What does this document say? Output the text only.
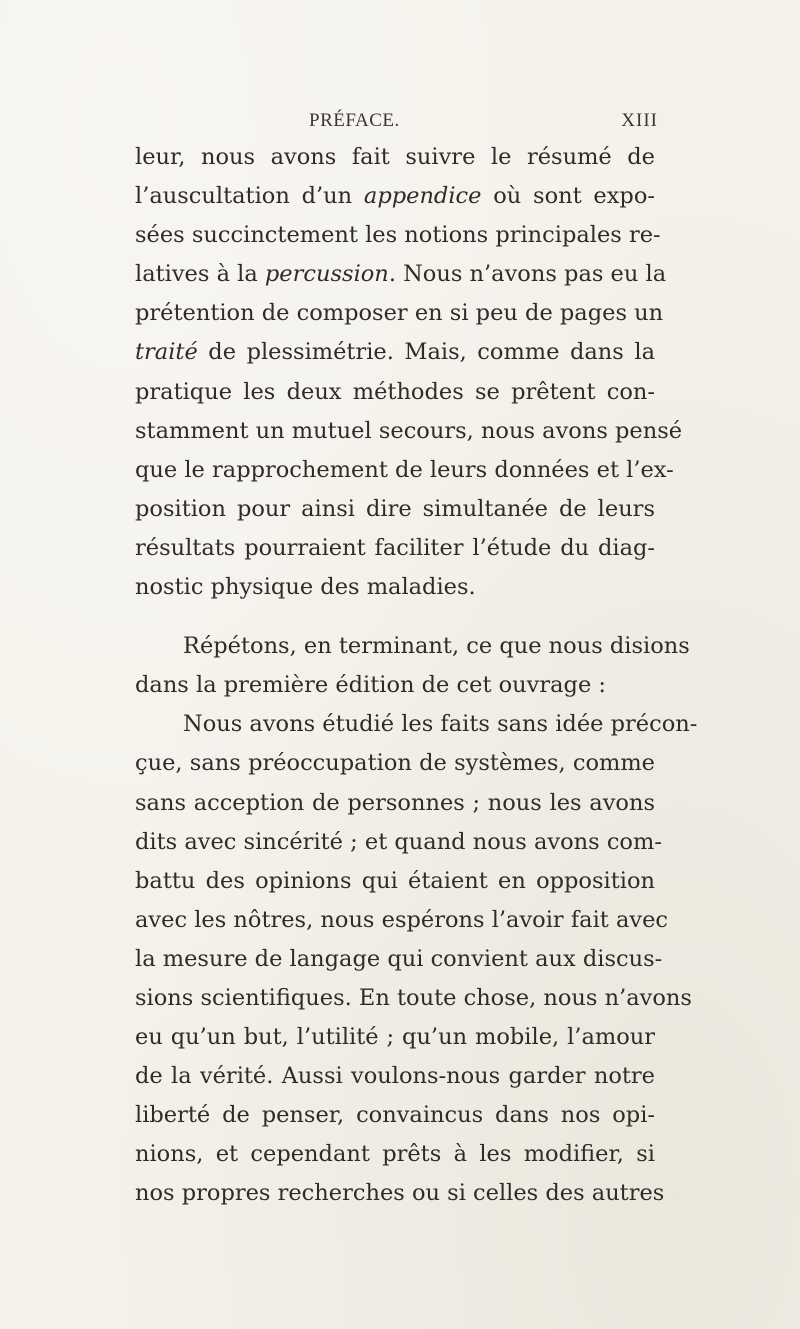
PRÉFACE.	XIII
leur, nous avons fait suivre le résumé de
l’auscultation d’un appendice où sont expo-
sées succinctement les notions principales re-
latives à la percussion. Nous n’avons pas eu la
prétention de composer en si peu de pages un
traité de plessimétrie. Mais, comme dans la
pratique les deux méthodes se prêtent con-
stamment un mutuel secours, nous avons pensé
que le rapprochement de leurs données et l’ex-
position pour ainsi dire simultanée de leurs
résultats pourraient faciliter l’étude du diag-
nostic physique des maladies.
Répétons, en terminant, ce que nous disions
dans la première édition de cet ouvrage :
Nous avons étudié les faits sans idée précon-
çue, sans préoccupation de systèmes, comme
sans acception de personnes ; nous les avons
dits avec sincérité ; et quand nous avons com-
battu des opinions qui étaient en opposition
avec les nôtres, nous espérons l’avoir fait avec
la mesure de langage qui convient aux discus-
sions scientifiques. En toute chose, nous n’avons
eu qu’un but, l’utilité ; qu’un mobile, l’amour
de la vérité. Aussi voulons-nous garder notre
liberté de penser, convaincus dans nos opi-
nions, et cependant prêts à les modifier, si
nos propres recherches ou si celles des autres
